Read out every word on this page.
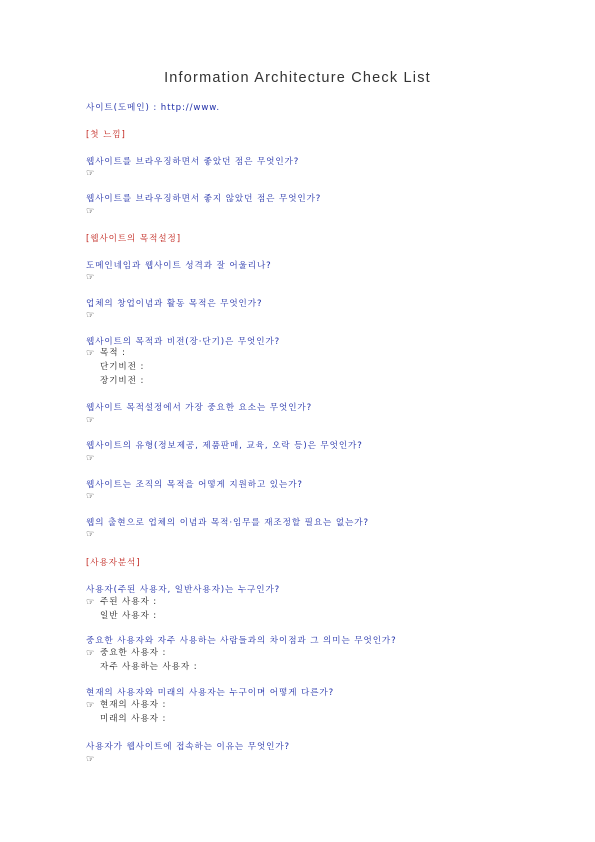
Information Architecture Check List
사이트(도메인) : http://www.
[첫 느낌]
웹사이트를 브라우징하면서 좋았던 점은 무엇인가?
☞
웹사이트를 브라우징하면서 좋지 않았던 점은 무엇인가?
☞
[웹사이트의 목적설정]
도메인네임과 웹사이트 성격과 잘 어울리나?
☞
업체의 창업이념과 활동 목적은 무엇인가?
☞
웹사이트의 목적과 비전(장·단기)은 무엇인가?
☞ 목적 :
단기비전 :
장기비전 :
웹사이트 목적설정에서 가장 중요한 요소는 무엇인가?
☞
웹사이트의 유형(정보제공, 제품판매, 교육, 오락 등)은 무엇인가?
☞
웹사이트는 조직의 목적을 어떻게 지원하고 있는가?
☞
웹의 출현으로 업체의 이념과 목적·임무를 재조정할 필요는 없는가?
☞
[사용자분석]
사용자(주된 사용자, 일반사용자)는 누구인가?
☞ 주된 사용자 :
일반 사용자 :
중요한 사용자와 자주 사용하는 사람들과의 차이점과 그 의미는 무엇인가?
☞ 중요한 사용자 :
자주 사용하는 사용자 :
현재의 사용자와 미래의 사용자는 누구이며 어떻게 다른가?
☞ 현재의 사용자 :
미래의 사용자 :
사용자가 웹사이트에 접속하는 이유는 무엇인가?
☞
